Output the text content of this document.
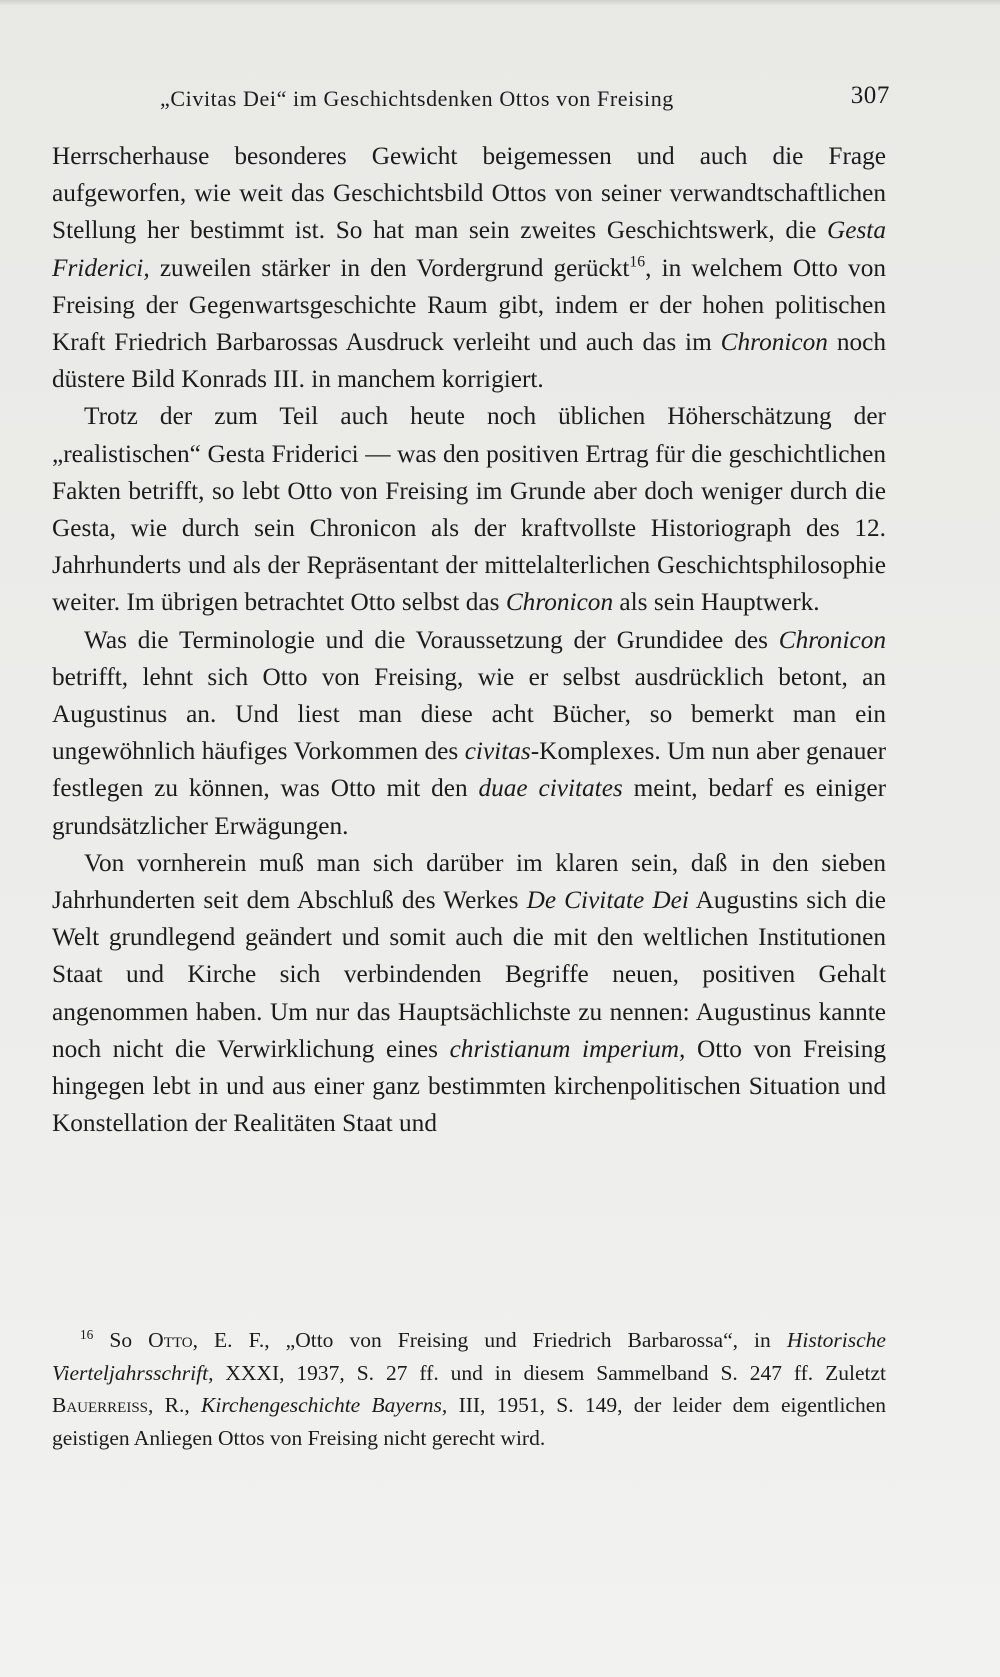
„Civitas Dei“ im Geschichtsdenken Ottos von Freising	307

Herrscherhause besonderes Gewicht beigemessen und auch die Frage aufgeworfen, wie weit das Geschichtsbild Ottos von seiner verwandtschaftlichen Stellung her bestimmt ist. So hat man sein zweites Geschichtswerk, die Gesta Friderici, zuweilen stärker in den Vordergrund gerückt$^{16}$, in welchem Otto von Freising der Gegenwartsgeschichte Raum gibt, indem er der hohen politischen Kraft Friedrich Barbarossas Ausdruck verleiht und auch das im Chronicon noch düstere Bild Konrads III. in manchem korrigiert.

Trotz der zum Teil auch heute noch üblichen Höherschätzung der „realistischen“ Gesta Friderici — was den positiven Ertrag für die geschichtlichen Fakten betrifft, so lebt Otto von Freising im Grunde aber doch weniger durch die Gesta, wie durch sein Chronicon als der kraftvollste Historiograph des 12. Jahrhunderts und als der Repräsentant der mittelalterlichen Geschichtsphilosophie weiter. Im übrigen betrachtet Otto selbst das Chronicon als sein Hauptwerk.

Was die Terminologie und die Voraussetzung der Grundidee des Chronicon betrifft, lehnt sich Otto von Freising, wie er selbst ausdrücklich betont, an Augustinus an. Und liest man diese acht Bücher, so bemerkt man ein ungewöhnlich häufiges Vorkommen des civitas-Komplexes. Um nun aber genauer festlegen zu können, was Otto mit den duae civitates meint, bedarf es einiger grundsätzlicher Erwägungen.

Von vornherein muß man sich darüber im klaren sein, daß in den sieben Jahrhunderten seit dem Abschluß des Werkes De Civitate Dei Augustins sich die Welt grundlegend geändert und somit auch die mit den weltlichen Institutionen Staat und Kirche sich verbindenden Begriffe neuen, positiven Gehalt angenommen haben. Um nur das Hauptsächlichste zu nennen: Augustinus kannte noch nicht die Verwirklichung eines christianum imperium, Otto von Freising hingegen lebt in und aus einer ganz bestimmten kirchenpolitischen Situation und Konstellation der Realitäten Staat und

$^{16}$ So Otto, E. F., „Otto von Freising und Friedrich Barbarossa“, in Historische Vierteljahrsschrift, XXXI, 1937, S. 27 ff. und in diesem Sammelband S. 247 ff. Zuletzt Bauerreiss, R., Kirchengeschichte Bayerns, III, 1951, S. 149, der leider dem eigentlichen geistigen Anliegen Ottos von Freising nicht gerecht wird.
